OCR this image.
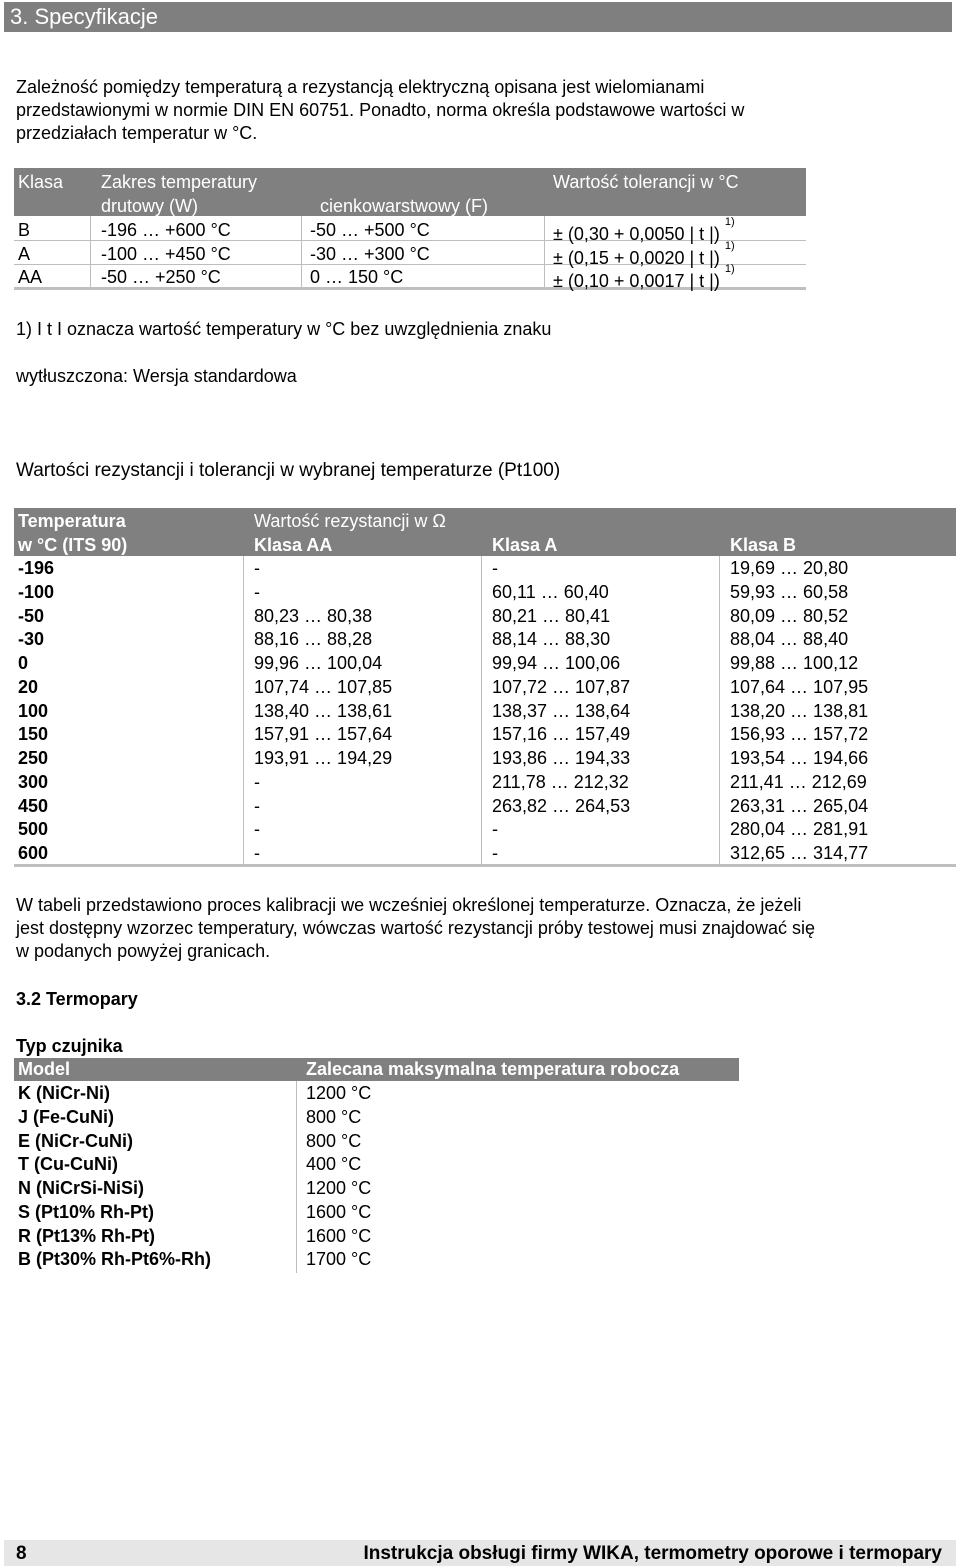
3. Specyfikacje
Zależność pomiędzy temperaturą a rezystancją elektryczną opisana jest wielomianami
przedstawionymi w normie DIN EN 60751. Ponadto, norma określa podstawowe wartości w
przedziałach temperatur w °C.
Klasa Zakres temperatury
drutowy (W)	cienkowarstwowy (F)
Wartość tolerancji w °C
B	-196 … +600 °C	-50 … +500 °C	± (0,30 + 0,0050 | t |) $^{1)}$
A	-100 … +450 °C	-30 … +300 °C	± (0,15 + 0,0020 | t |) $^{1)}$
AA	-50 … +250 °C	0 … 150 °C	± (0,10 + 0,0017 | t |) $^{1)}$
1) I t I oznacza wartość temperatury w °C bez uwzględnienia znaku
wytłuszczona: Wersja standardowa
Wartości rezystancji i tolerancji w wybranej temperaturze (Pt100)
Temperatura
w °C (ITS 90)
Wartość rezystancji w Ω
Klasa AA	Klasa A	Klasa B
-196	-	-	19,69 … 20,80
-100	-	60,11 … 60,40	59,93 … 60,58
-50	80,23 … 80,38	80,21 … 80,41	80,09 … 80,52
-30	88,16 … 88,28	88,14 … 88,30	88,04 … 88,40
0	99,96 … 100,04	99,94 … 100,06	99,88 … 100,12
20	107,74 … 107,85	107,72 … 107,87	107,64 … 107,95
100	138,40 … 138,61	138,37 … 138,64	138,20 … 138,81
150	157,91 … 157,64	157,16 … 157,49	156,93 … 157,72
250	193,91 … 194,29	193,86 … 194,33	193,54 … 194,66
300	-	211,78 … 212,32	211,41 … 212,69
450	-	263,82 … 264,53	263,31 … 265,04
500	-	-	280,04 … 281,91
600	-	-	312,65 … 314,77
W tabeli przedstawiono proces kalibracji we wcześniej określonej temperaturze. Oznacza, że jeżeli
jest dostępny wzorzec temperatury, wówczas wartość rezystancji próby testowej musi znajdować się
w podanych powyżej granicach.
3.2 Termopary
Typ czujnika
Model	Zalecana maksymalna temperatura robocza
K (NiCr-Ni)	1200 °C
J (Fe-CuNi)	800 °C
E (NiCr-CuNi)	800 °C
T (Cu-CuNi)	400 °C
N (NiCrSi-NiSi)	1200 °C
S (Pt10% Rh-Pt)	1600 °C
R (Pt13% Rh-Pt)	1600 °C
B (Pt30% Rh-Pt6%-Rh)	1700 °C
8	Instrukcja obsługi firmy WIKA, termometry oporowe i termopary
